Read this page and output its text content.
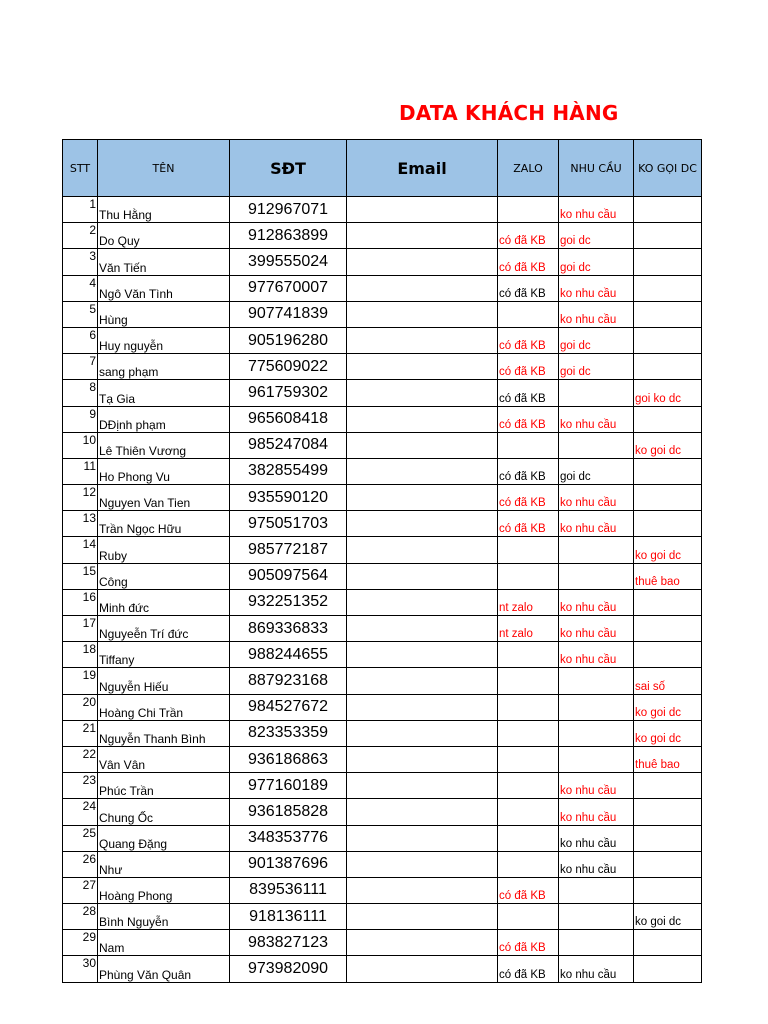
DATA KHÁCH HÀNG
STT	TÊN	SĐT	Email	ZALO	NHU CẦU	KO GỌI DC
1	Thu Hằng	912967071			ko nhu cầu	
2	Do Quy	912863899		có đã KB	goi dc	
3	Văn Tiến	399555024		có đã KB	goi dc	
4	Ngô Văn Tình	977670007		có đã KB	ko nhu cầu	
5	Hùng	907741839			ko nhu cầu	
6	Huy nguyễn	905196280		có đã KB	goi dc	
7	sang phạm	775609022		có đã KB	goi dc	
8	Tạ Gia	961759302		có đã KB		goi ko dc
9	DĐịnh phạm	965608418		có đã KB	ko nhu cầu	
10	Lê Thiên Vương	985247084				ko goi dc
11	Ho Phong Vu	382855499		có đã KB	goi dc	
12	Nguyen Van Tien	935590120		có đã KB	ko nhu cầu	
13	Trần Ngọc Hữu	975051703		có đã KB	ko nhu cầu	
14	Ruby	985772187				ko goi dc
15	Công	905097564				thuê bao
16	Minh đức	932251352		nt zalo	ko nhu cầu	
17	Nguyeễn Trí đức	869336833		nt zalo	ko nhu cầu	
18	Tiffany	988244655			ko nhu cầu	
19	Nguyễn Hiếu	887923168				sai số
20	Hoàng Chi Trần	984527672				ko goi dc
21	Nguyễn Thanh Bình	823353359				ko goi dc
22	Vân Vân	936186863				thuê bao
23	Phúc Trần	977160189			ko nhu cầu	
24	Chung Ốc	936185828			ko nhu cầu	
25	Quang Đặng	348353776			ko nhu cầu	
26	Như	901387696			ko nhu cầu	
27	Hoàng Phong	839536111		có đã KB		
28	Bình Nguyễn	918136111				ko goi dc
29	Nam	983827123		có đã KB		
30	Phùng Văn Quân	973982090		có đã KB	ko nhu cầu	
